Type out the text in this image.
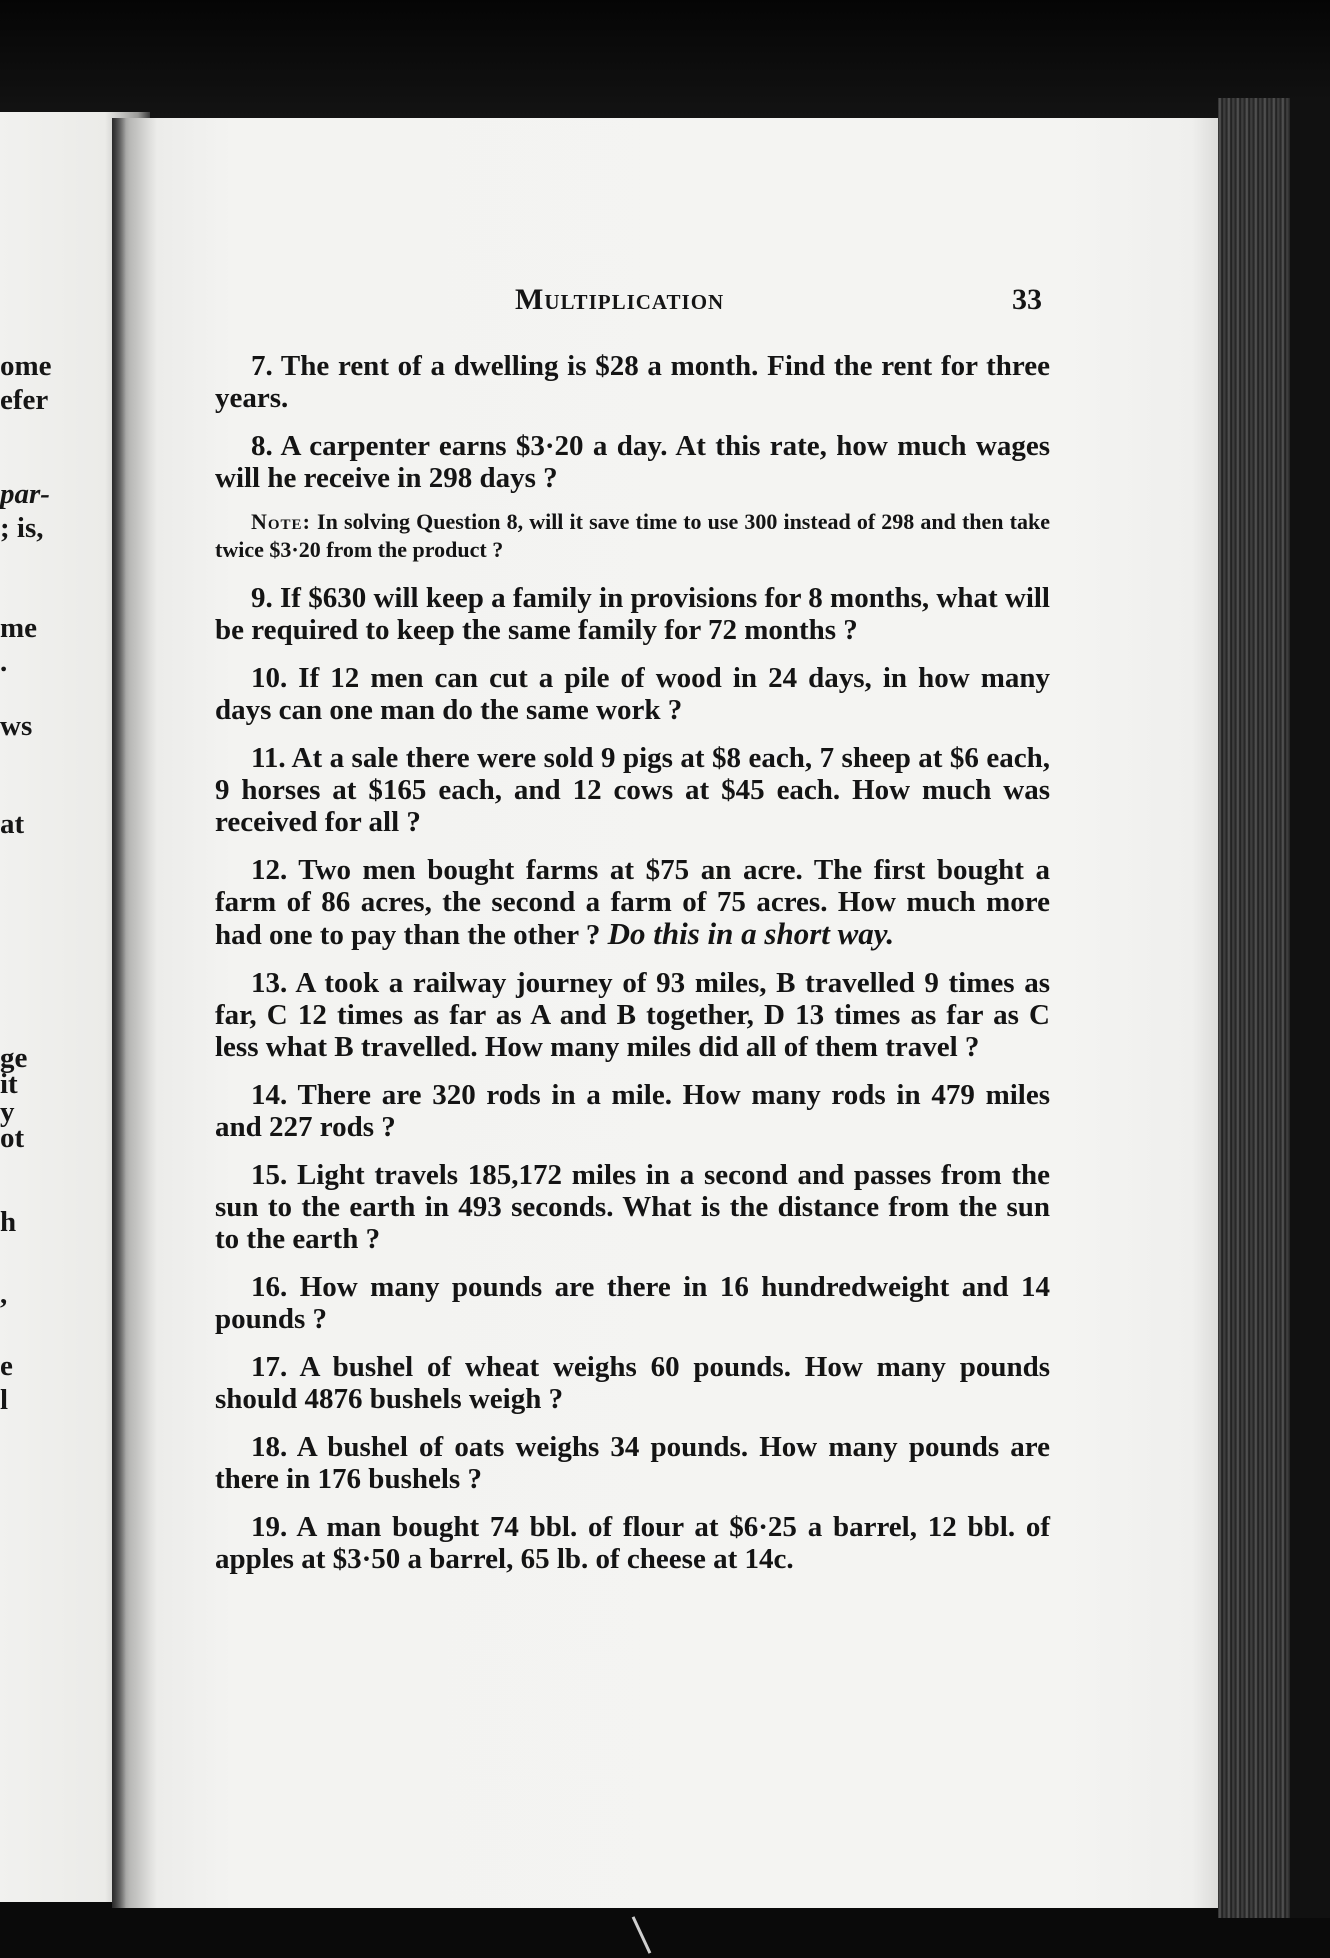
ome
efer
par-
; is,
me
.
ws
at
ge
it
y
ot
h
,
e
l
Multiplication	33

7. The rent of a dwelling is $28 a month. Find the rent for three years.

8. A carpenter earns $3·20 a day. At this rate, how much wages will he receive in 298 days ?

Note: In solving Question 8, will it save time to use 300 instead of 298 and then take twice $3·20 from the product ?

9. If $630 will keep a family in provisions for 8 months, what will be required to keep the same family for 72 months ?

10. If 12 men can cut a pile of wood in 24 days, in how many days can one man do the same work ?

11. At a sale there were sold 9 pigs at $8 each, 7 sheep at $6 each, 9 horses at $165 each, and 12 cows at $45 each. How much was received for all ?

12. Two men bought farms at $75 an acre. The first bought a farm of 86 acres, the second a farm of 75 acres. How much more had one to pay than the other ? Do this in a short way.

13. A took a railway journey of 93 miles, B travelled 9 times as far, C 12 times as far as A and B together, D 13 times as far as C less what B travelled. How many miles did all of them travel ?

14. There are 320 rods in a mile. How many rods in 479 miles and 227 rods ?

15. Light travels 185,172 miles in a second and passes from the sun to the earth in 493 seconds. What is the distance from the sun to the earth ?

16. How many pounds are there in 16 hundredweight and 14 pounds ?

17. A bushel of wheat weighs 60 pounds. How many pounds should 4876 bushels weigh ?

18. A bushel of oats weighs 34 pounds. How many pounds are there in 176 bushels ?

19. A man bought 74 bbl. of flour at $6·25 a barrel, 12 bbl. of apples at $3·50 a barrel, 65 lb. of cheese at 14c.
